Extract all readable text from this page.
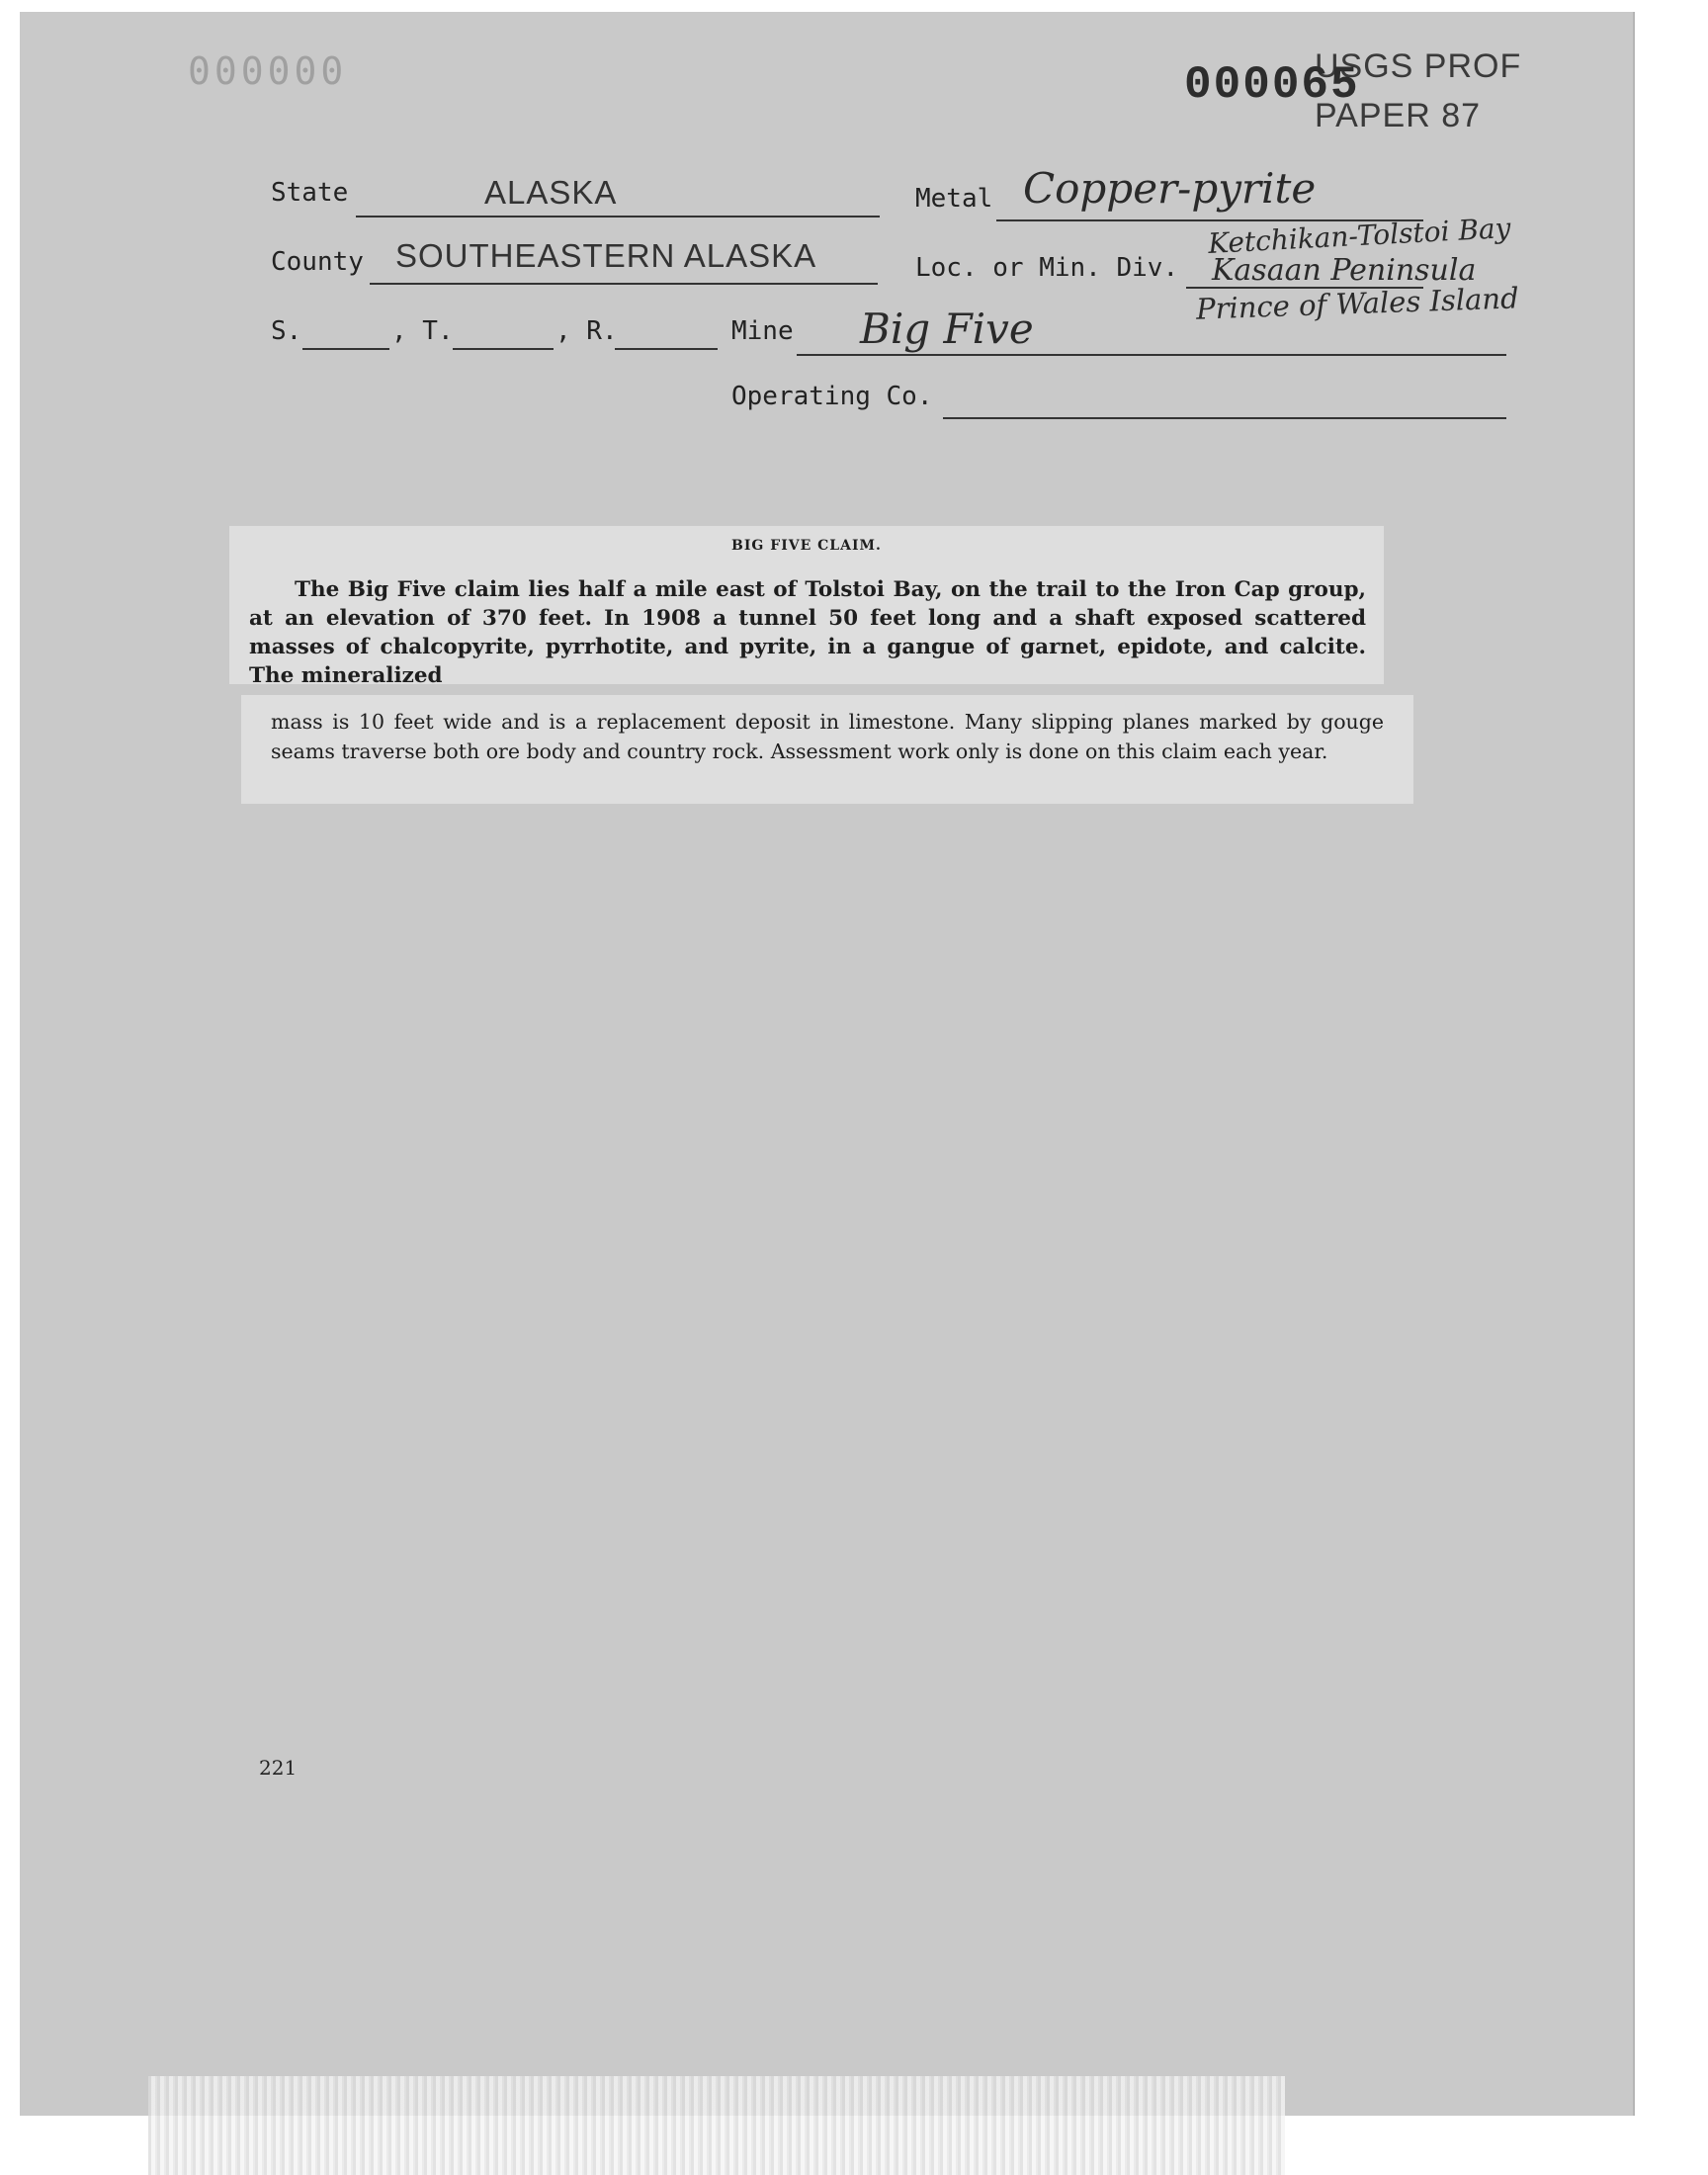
000000	USGS PROF
PAPER 87
000065
State	ALASKA	Metal Copper-pyrite
County SOUTHEASTERN ALASKA	Loc. or Min. Div.
Ketchikan-Tolstoi Bay
Kasaan Peninsula
Prince of Wales Island
S.	, T.	, R.	Mine Big Five
Operating Co.
BIG FIVE CLAIM.

The Big Five claim lies half a mile east of Tolstoi Bay, on the trail to the Iron Cap group, at an elevation of 370 feet. In 1908 a tunnel 50 feet long and a shaft exposed scattered masses of chalcopyrite, pyrrhotite, and pyrite, in a gangue of garnet, epidote, and calcite. The mineralized

mass is 10 feet wide and is a replacement deposit in limestone. Many slipping planes marked by gouge seams traverse both ore body and country rock. Assessment work only is done on this claim each year.

221
